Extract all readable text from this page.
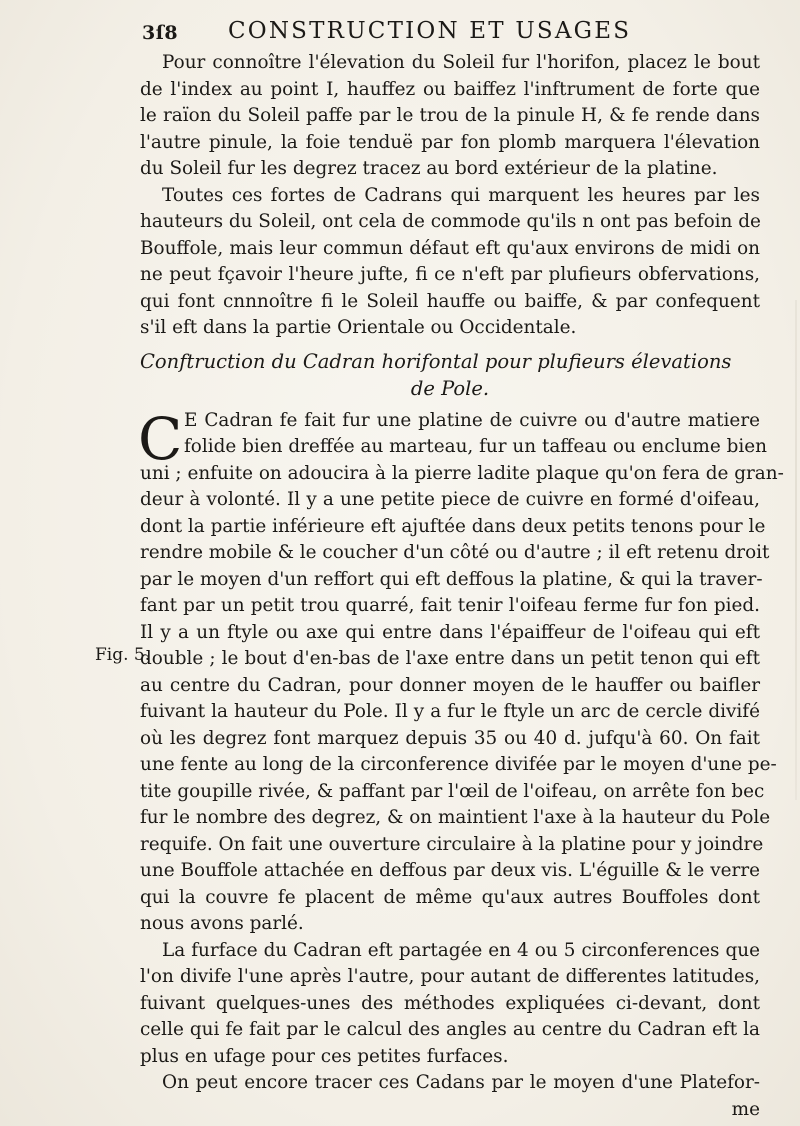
3ſ8 CONSTRUCTION ET USAGES
Fig. 5.
Pour connoître l'élevation du Soleil fur l'horifon, placez le bout
de l'index au point I, hauffez ou baiffez l'inftrument de forte que
le raïon du Soleil paffe par le trou de la pinule H, & fe rende dans
l'autre pinule, la foie tenduë par fon plomb marquera l'élevation
du Soleil fur les degrez tracez au bord extérieur de la platine.
Toutes ces fortes de Cadrans qui marquent les heures par les
hauteurs du Soleil, ont cela de commode qu'ils n ont pas befoin de
Bouffole, mais leur commun défaut eft qu'aux environs de midi on
ne peut fçavoir l'heure jufte, fi ce n'eft par plufieurs obfervations,
qui font cnnnoître fi le Soleil hauffe ou baiffe, & par confequent
s'il eft dans la partie Orientale ou Occidentale.
Conftruction du Cadran horifontal pour plufieurs élevations
de Pole.
C E Cadran fe fait fur une platine de cuivre ou d'autre matiere
folide bien dreffée au marteau, fur un taffeau ou enclume bien
uni ; enfuite on adoucira à la pierre ladite plaque qu'on fera de gran-
deur à volonté. Il y a une petite piece de cuivre en formé d'oifeau,
dont la partie inférieure eft ajuftée dans deux petits tenons pour le
rendre mobile & le coucher d'un côté ou d'autre ; il eft retenu droit
par le moyen d'un reffort qui eft deffous la platine, & qui la traver-
fant par un petit trou quarré, fait tenir l'oifeau ferme fur fon pied.
Il y a un ftyle ou axe qui entre dans l'épaiffeur de l'oifeau qui eft
double ; le bout d'en-bas de l'axe entre dans un petit tenon qui eft
au centre du Cadran, pour donner moyen de le hauffer ou baifler
fuivant la hauteur du Pole. Il y a fur le ftyle un arc de cercle divifé
où les degrez font marquez depuis 35 ou 40 d. jufqu'à 60. On fait
une fente au long de la circonference divifée par le moyen d'une pe-
tite goupille rivée, & paffant par l'œil de l'oifeau, on arrête fon bec
fur le nombre des degrez, & on maintient l'axe à la hauteur du Pole
requife. On fait une ouverture circulaire à la platine pour y joindre
une Bouffole attachée en deffous par deux vis. L'éguille & le verre
qui la couvre fe placent de même qu'aux autres Bouffoles dont
nous avons parlé.
La furface du Cadran eft partagée en 4 ou 5 circonferences que
l'on divife l'une après l'autre, pour autant de differentes latitudes,
fuivant quelques-unes des méthodes expliquées ci-devant, dont
celle qui fe fait par le calcul des angles au centre du Cadran eft la
plus en ufage pour ces petites furfaces.
On peut encore tracer ces Cadans par le moyen d'une Platefor-
me
